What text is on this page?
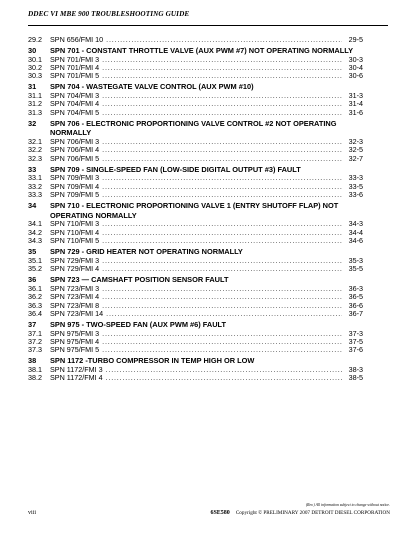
DDEC VI MBE 900 TROUBLESHOOTING GUIDE
29.2	SPN 656/FMI 10 .....	29-5
30	SPN 701 - CONSTANT THROTTLE VALVE (AUX PWM #7) NOT OPERATING NORMALLY
30.1	SPN 701/FMI 3 .....	30-3
30.2	SPN 701/FMI 4 .....	30-4
30.3	SPN 701/FMI 5 .....	30-6
31	SPN 704 - WASTEGATE VALVE CONTROL (AUX PWM #10)
31.1	SPN 704/FMI 3 .....	31-3
31.2	SPN 704/FMI 4 .....	31-4
31.3	SPN 704/FMI 5 .....	31-6
32	SPN 706 - ELECTRONIC PROPORTIONING VALVE CONTROL #2 NOT OPERATING NORMALLY
32.1	SPN 706/FMI 3 .....	32-3
32.2	SPN 706/FMI 4 .....	32-5
32.3	SPN 706/FMI 5 .....	32-7
33	SPN 709 - SINGLE-SPEED FAN (LOW-SIDE DIGITAL OUTPUT #3) FAULT
33.1	SPN 709/FMI 3 .....	33-3
33.2	SPN 709/FMI 4 .....	33-5
33.3	SPN 709/FMI 5 .....	33-6
34	SPN 710 - ELECTRONIC PROPORTIONING VALVE 1 (ENTRY SHUTOFF FLAP) NOT OPERATING NORMALLY
34.1	SPN 710/FMI 3 .....	34-3
34.2	SPN 710/FMI 4 .....	34-4
34.3	SPN 710/FMI 5 .....	34-6
35	SPN 729 - GRID HEATER NOT OPERATING NORMALLY
35.1	SPN 729/FMI 3 .....	35-3
35.2	SPN 729/FMI 4 .....	35-5
36	SPN 723 — CAMSHAFT POSITION SENSOR FAULT
36.1	SPN 723/FMI 3 .....	36-3
36.2	SPN 723/FMI 4 .....	36-5
36.3	SPN 723/FMI 8 .....	36-6
36.4	SPN 723/FMI 14 .....	36-7
37	SPN 975 - TWO-SPEED FAN (AUX PWM #6) FAULT
37.1	SPN 975/FMI 3 .....	37-3
37.2	SPN 975/FMI 4 .....	37-5
37.3	SPN 975/FMI 5 .....	37-6
38	SPN 1172 -TURBO COMPRESSOR IN TEMP HIGH OR LOW
38.1	SPN 1172/FMI 3 .....	38-3
38.2	SPN 1172/FMI 4 .....	38-5
(Rev.) All information subject to change without notice.
viii	6SE580 Copyright © PRELIMINARY 2007 DETROIT DIESEL CORPORATION
